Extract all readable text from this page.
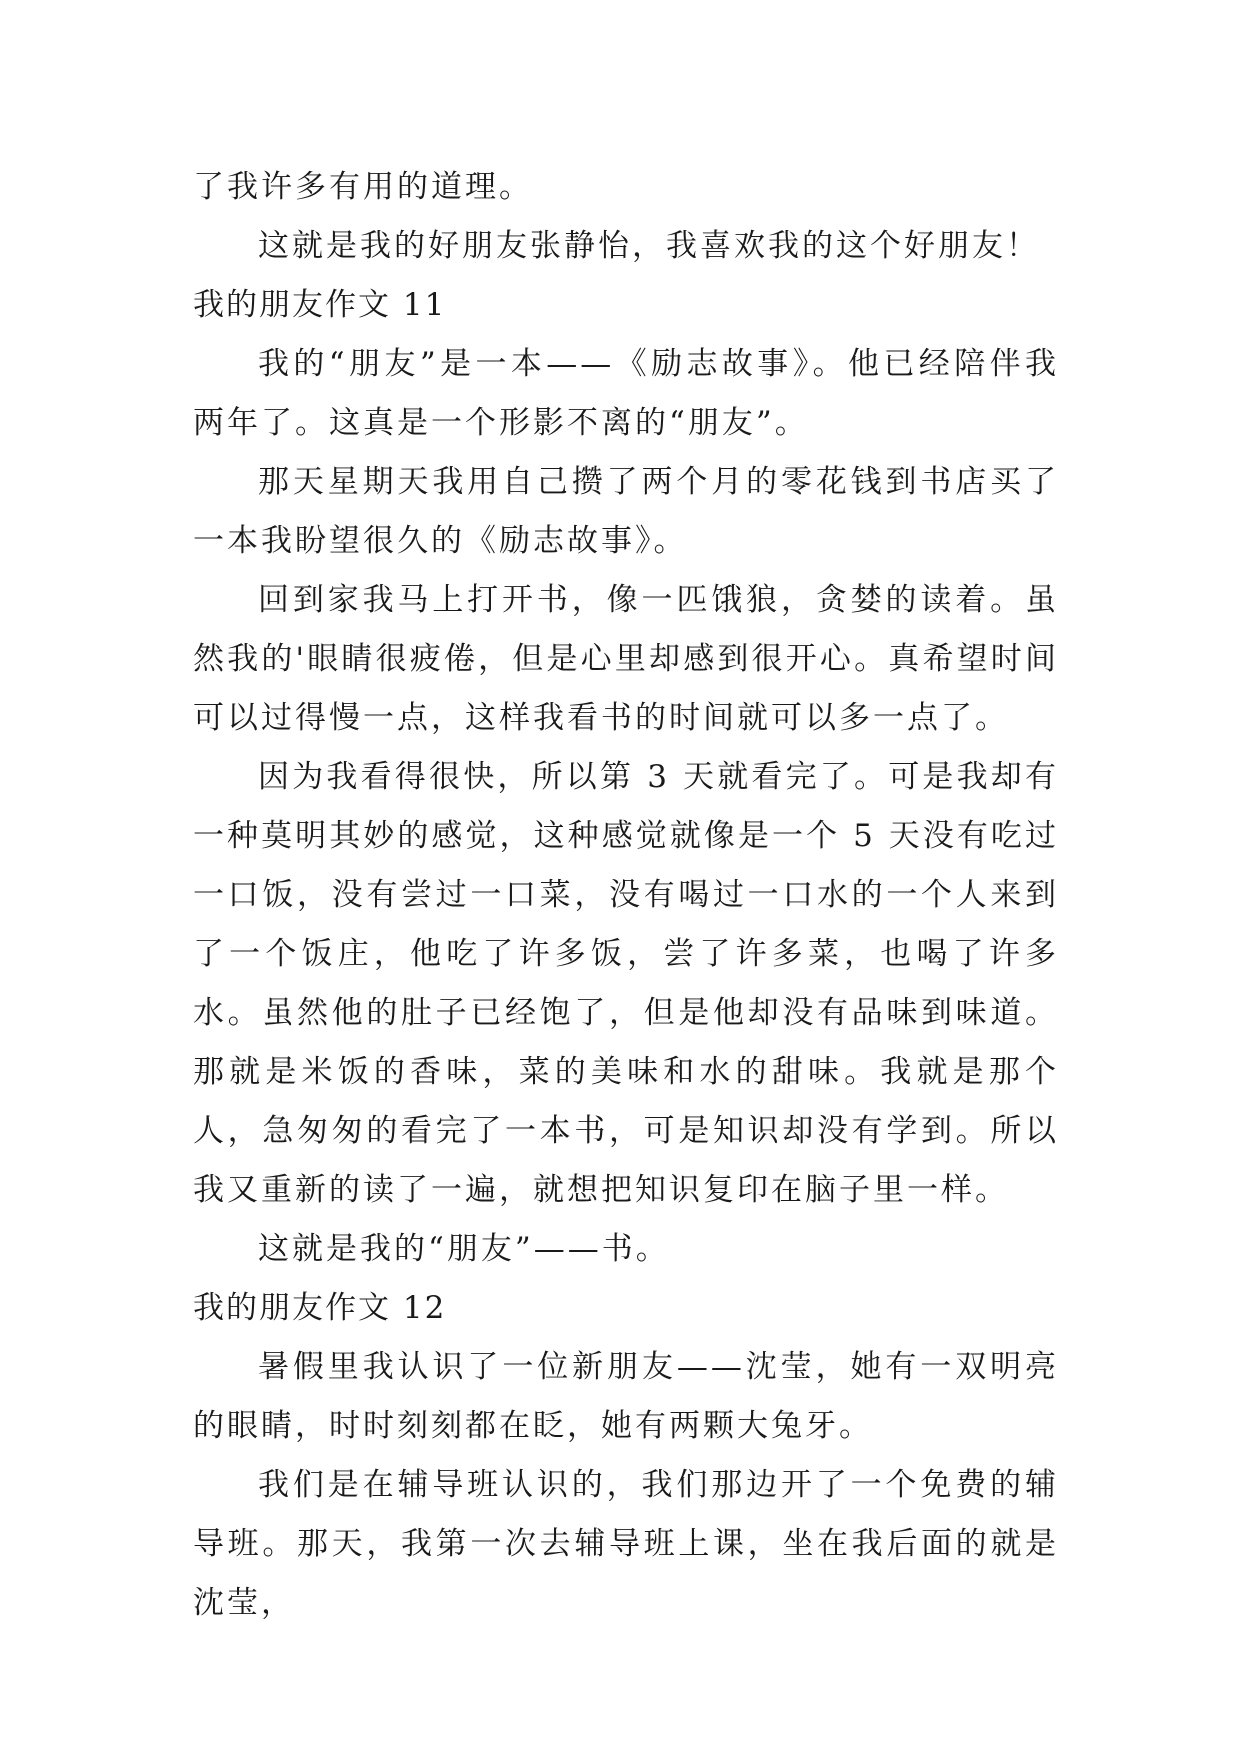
了我许多有用的道理。

这就是我的好朋友张静怡，我喜欢我的这个好朋友！

我的朋友作文 11

我的“朋友”是一本——《励志故事》。他已经陪伴我两年了。这真是一个形影不离的“朋友”。

那天星期天我用自己攒了两个月的零花钱到书店买了一本我盼望很久的《励志故事》。

回到家我马上打开书，像一匹饿狼，贪婪的读着。虽然我的'眼睛很疲倦，但是心里却感到很开心。真希望时间可以过得慢一点，这样我看书的时间就可以多一点了。

因为我看得很快，所以第 3 天就看完了。可是我却有一种莫明其妙的感觉，这种感觉就像是一个 5 天没有吃过一口饭，没有尝过一口菜，没有喝过一口水的一个人来到了一个饭庄，他吃了许多饭，尝了许多菜，也喝了许多水。虽然他的肚子已经饱了，但是他却没有品味到味道。那就是米饭的香味，菜的美味和水的甜味。我就是那个人，急匆匆的看完了一本书，可是知识却没有学到。所以我又重新的读了一遍，就想把知识复印在脑子里一样。

这就是我的“朋友”——书。

我的朋友作文 12

暑假里我认识了一位新朋友——沈莹，她有一双明亮的眼睛，时时刻刻都在眨，她有两颗大兔牙。

我们是在辅导班认识的，我们那边开了一个免费的辅导班。那天，我第一次去辅导班上课，坐在我后面的就是沈莹，
